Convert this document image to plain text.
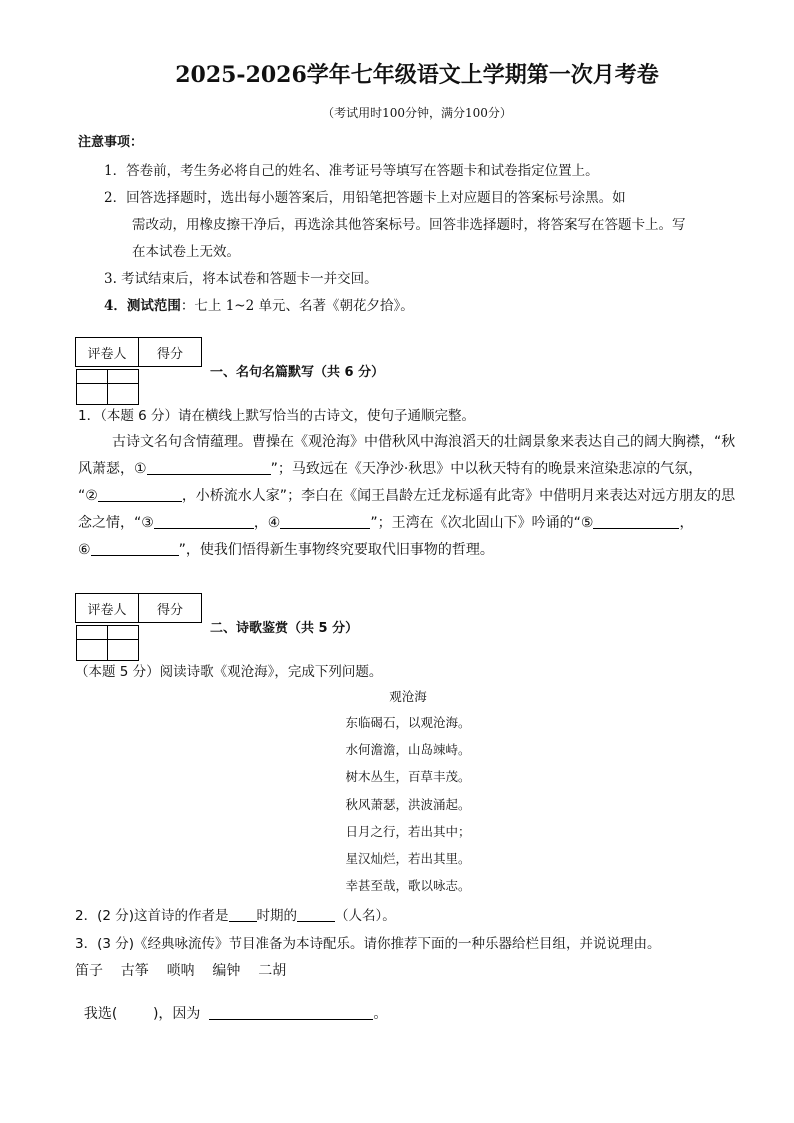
2025-2026学年七年级语文上学期第一次月考卷
（考试用时100分钟，满分100分）
注意事项：
1．答卷前，考生务必将自己的姓名、准考证号等填写在答题卡和试卷指定位置上。
2．回答选择题时，选出每小题答案后，用铅笔把答题卡上对应题目的答案标号涂黑。如
需改动，用橡皮擦干净后，再选涂其他答案标号。回答非选择题时，将答案写在答题卡上。写
在本试卷上无效。
3. 考试结束后，将本试卷和答题卡一并交回。
4．测试范围：七上 1~2 单元、名著《朝花夕拾》。
评卷人	得分

一、名句名篇默写（共 6 分）
1．（本题 6 分）请在横线上默写恰当的古诗文，使句子通顺完整。
古诗文名句含情蕴理。曹操在《观沧海》中借秋风中海浪滔天的壮阔景象来表达自己的阔大胸襟，“秋
风萧瑟，①	”；马致远在《天净沙·秋思》中以秋天特有的晚景来渲染悲凉的气氛，
“②	，小桥流水人家”；李白在《闻王昌龄左迁龙标遥有此寄》中借明月来表达对远方朋友的思
念之情，“③	，④	”；王湾在《次北固山下》吟诵的“⑤	，
⑥	”，使我们悟得新生事物终究要取代旧事物的哲理。
评卷人	得分

二、诗歌鉴赏（共 5 分）
（本题 5 分）阅读诗歌《观沧海》，完成下列问题。
观沧海
东临碣石，以观沧海。
水何澹澹，山岛竦峙。
树木丛生，百草丰茂。
秋风萧瑟，洪波涌起。
日月之行，若出其中；
星汉灿烂，若出其里。
幸甚至哉，歌以咏志。
2．(2 分)这首诗的作者是 时期的	（人名）。
3．(3 分)《经典咏流传》节目准备为本诗配乐。请你推荐下面的一种乐器给栏目组，并说说理由。
笛子    古筝    唢呐    编钟    二胡

我选(        )，因为	。
